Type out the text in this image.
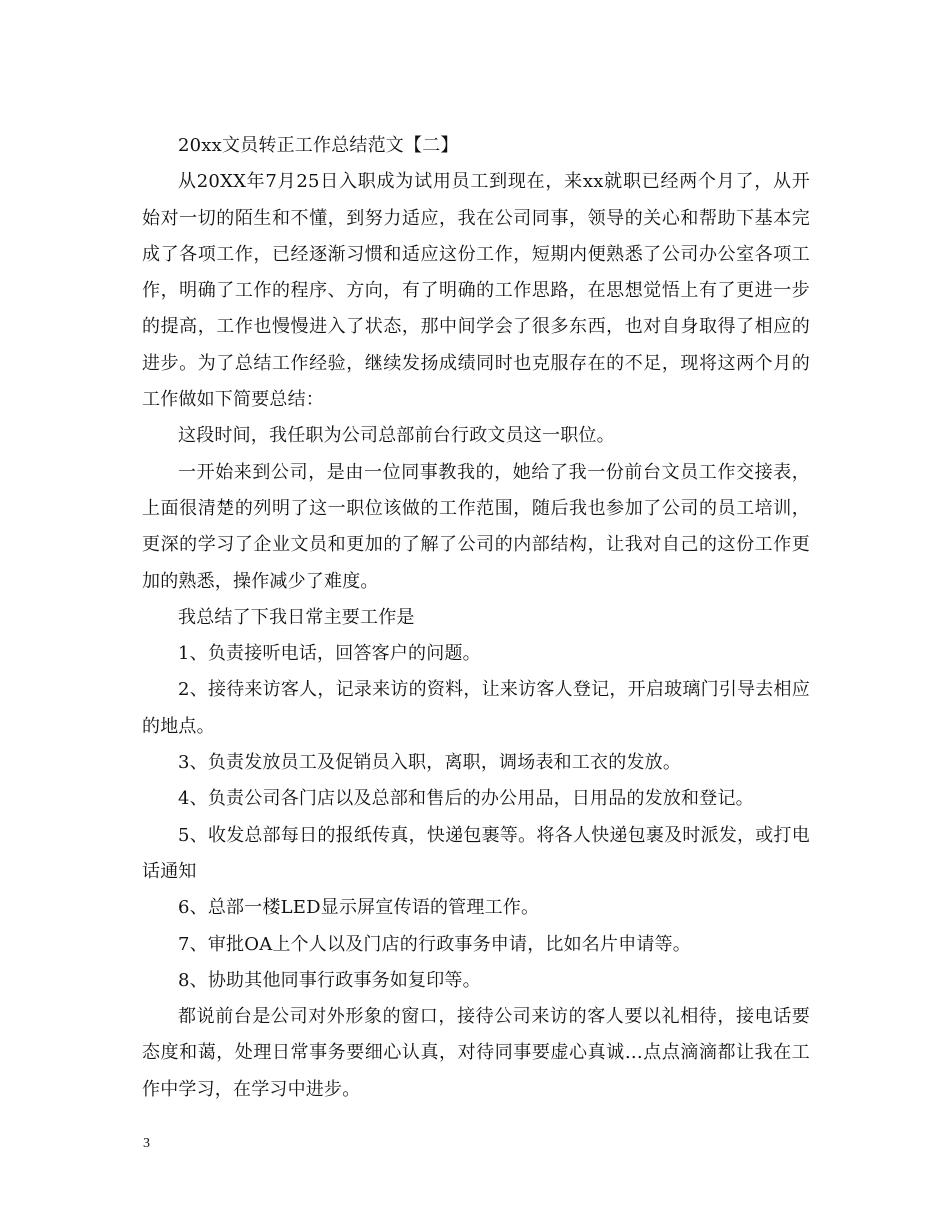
20xx文员转正工作总结范文【二】

从20XX年7月25日入职成为试用员工到现在，来xx就职已经两个月了，从开始对一切的陌生和不懂，到努力适应，我在公司同事，领导的关心和帮助下基本完成了各项工作，已经逐渐习惯和适应这份工作，短期内便熟悉了公司办公室各项工作，明确了工作的程序、方向，有了明确的工作思路，在思想觉悟上有了更进一步的提高，工作也慢慢进入了状态，那中间学会了很多东西，也对自身取得了相应的进步。为了总结工作经验，继续发扬成绩同时也克服存在的不足，现将这两个月的工作做如下简要总结：

这段时间，我任职为公司总部前台行政文员这一职位。

一开始来到公司，是由一位同事教我的，她给了我一份前台文员工作交接表，上面很清楚的列明了这一职位该做的工作范围，随后我也参加了公司的员工培训，更深的学习了企业文员和更加的了解了公司的内部结构，让我对自己的这份工作更加的熟悉，操作减少了难度。

我总结了下我日常主要工作是

1、负责接听电话，回答客户的问题。

2、接待来访客人，记录来访的资料，让来访客人登记，开启玻璃门引导去相应的地点。

3、负责发放员工及促销员入职，离职，调场表和工衣的发放。

4、负责公司各门店以及总部和售后的办公用品，日用品的发放和登记。

5、收发总部每日的报纸传真，快递包裹等。将各人快递包裹及时派发，或打电话通知

6、总部一楼LED显示屏宣传语的管理工作。

7、审批OA上个人以及门店的行政事务申请，比如名片申请等。

8、协助其他同事行政事务如复印等。

都说前台是公司对外形象的窗口，接待公司来访的客人要以礼相待，接电话要态度和蔼，处理日常事务要细心认真，对待同事要虚心真诚…点点滴滴都让我在工作中学习，在学习中进步。

3
